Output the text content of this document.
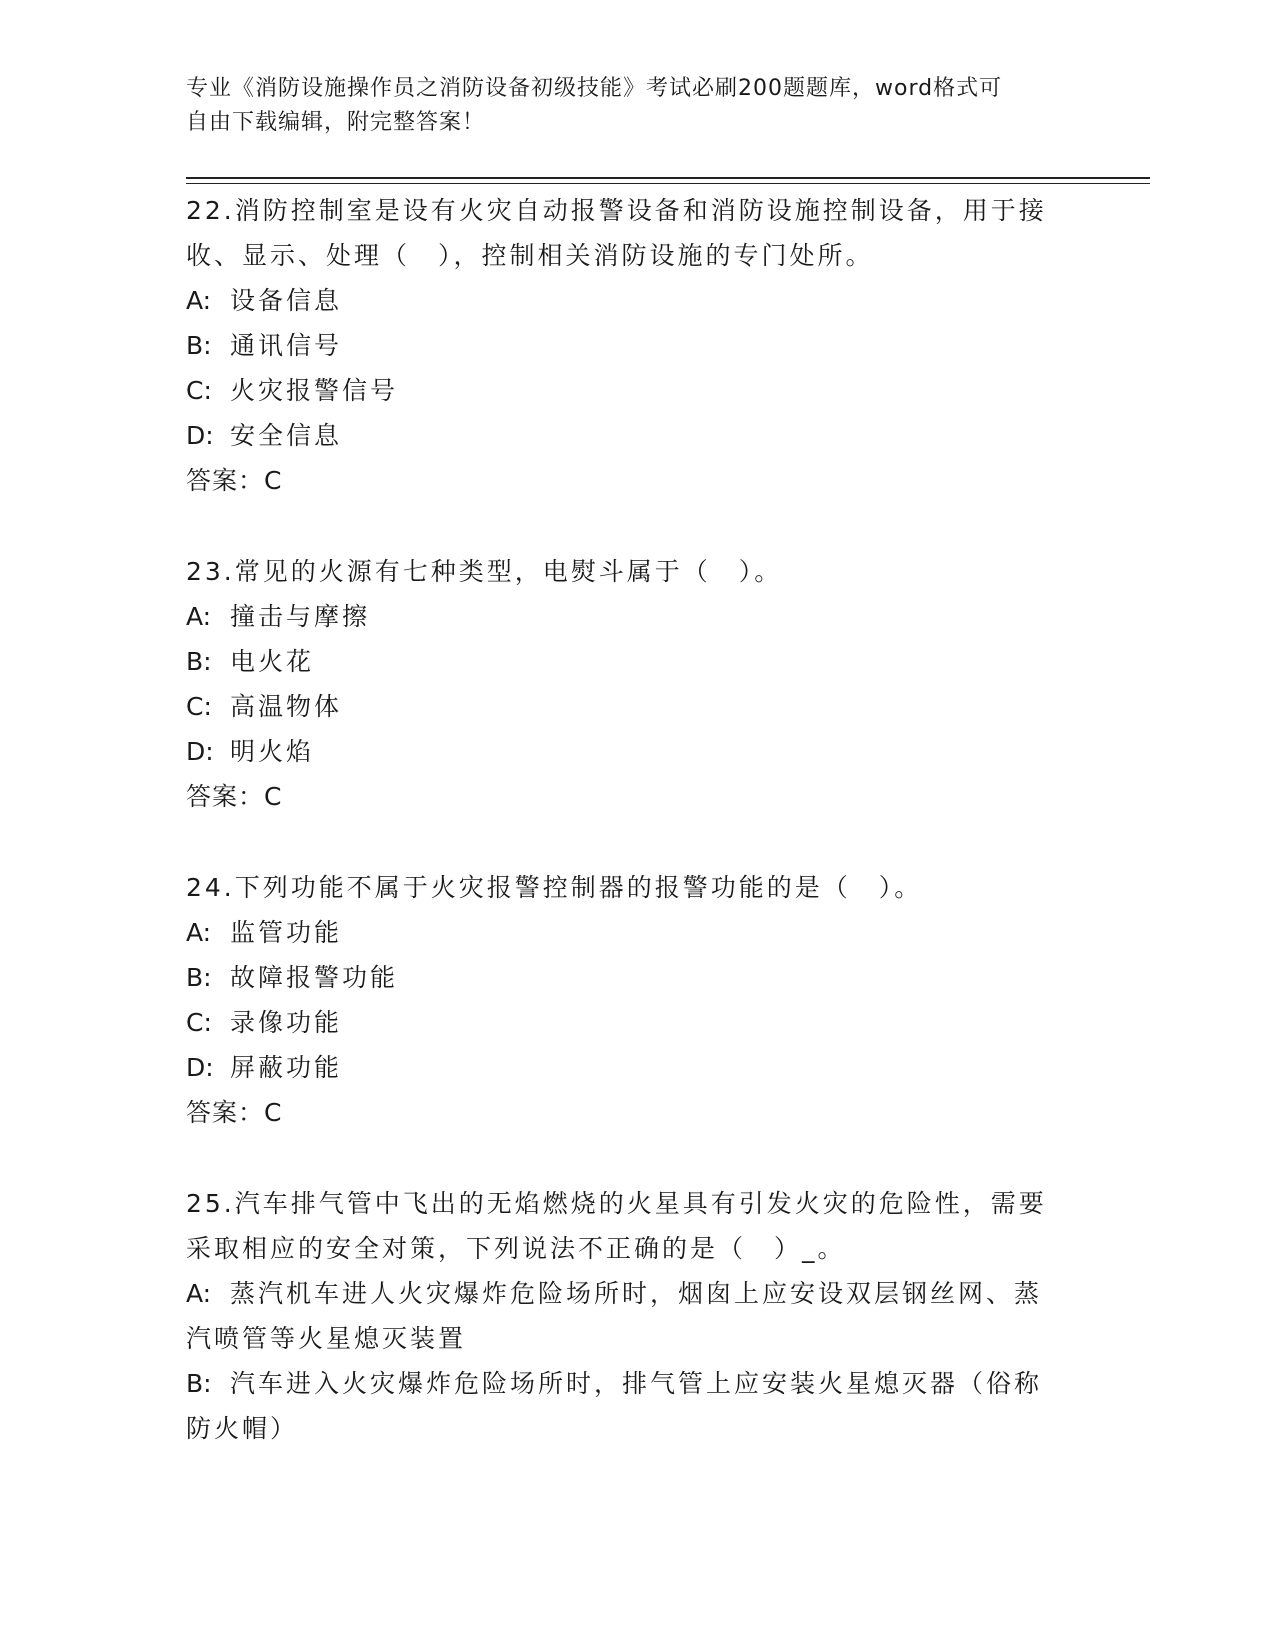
专业《消防设施操作员之消防设备初级技能》考试必刷200题题库，word格式可
自由下载编辑，附完整答案！
22.消防控制室是设有火灾自动报警设备和消防设施控制设备，用于接
收、显示、处理（　），控制相关消防设施的专门处所。
A: 设备信息
B: 通讯信号
C: 火灾报警信号
D: 安全信息
答案：C
23.常见的火源有七种类型，电熨斗属于（　）。
A: 撞击与摩擦
B: 电火花
C: 高温物体
D: 明火焰
答案：C
24.下列功能不属于火灾报警控制器的报警功能的是（　）。
A: 监管功能
B: 故障报警功能
C: 录像功能
D: 屏蔽功能
答案：C
25.汽车排气管中飞出的无焰燃烧的火星具有引发火灾的危险性，需要
采取相应的安全对策，下列说法不正确的是（　）_。
A: 蒸汽机车进人火灾爆炸危险场所时，烟囱上应安设双层钢丝网、蒸
汽喷管等火星熄灭装置
B: 汽车进入火灾爆炸危险场所时，排气管上应安装火星熄灭器（俗称
防火帽）
